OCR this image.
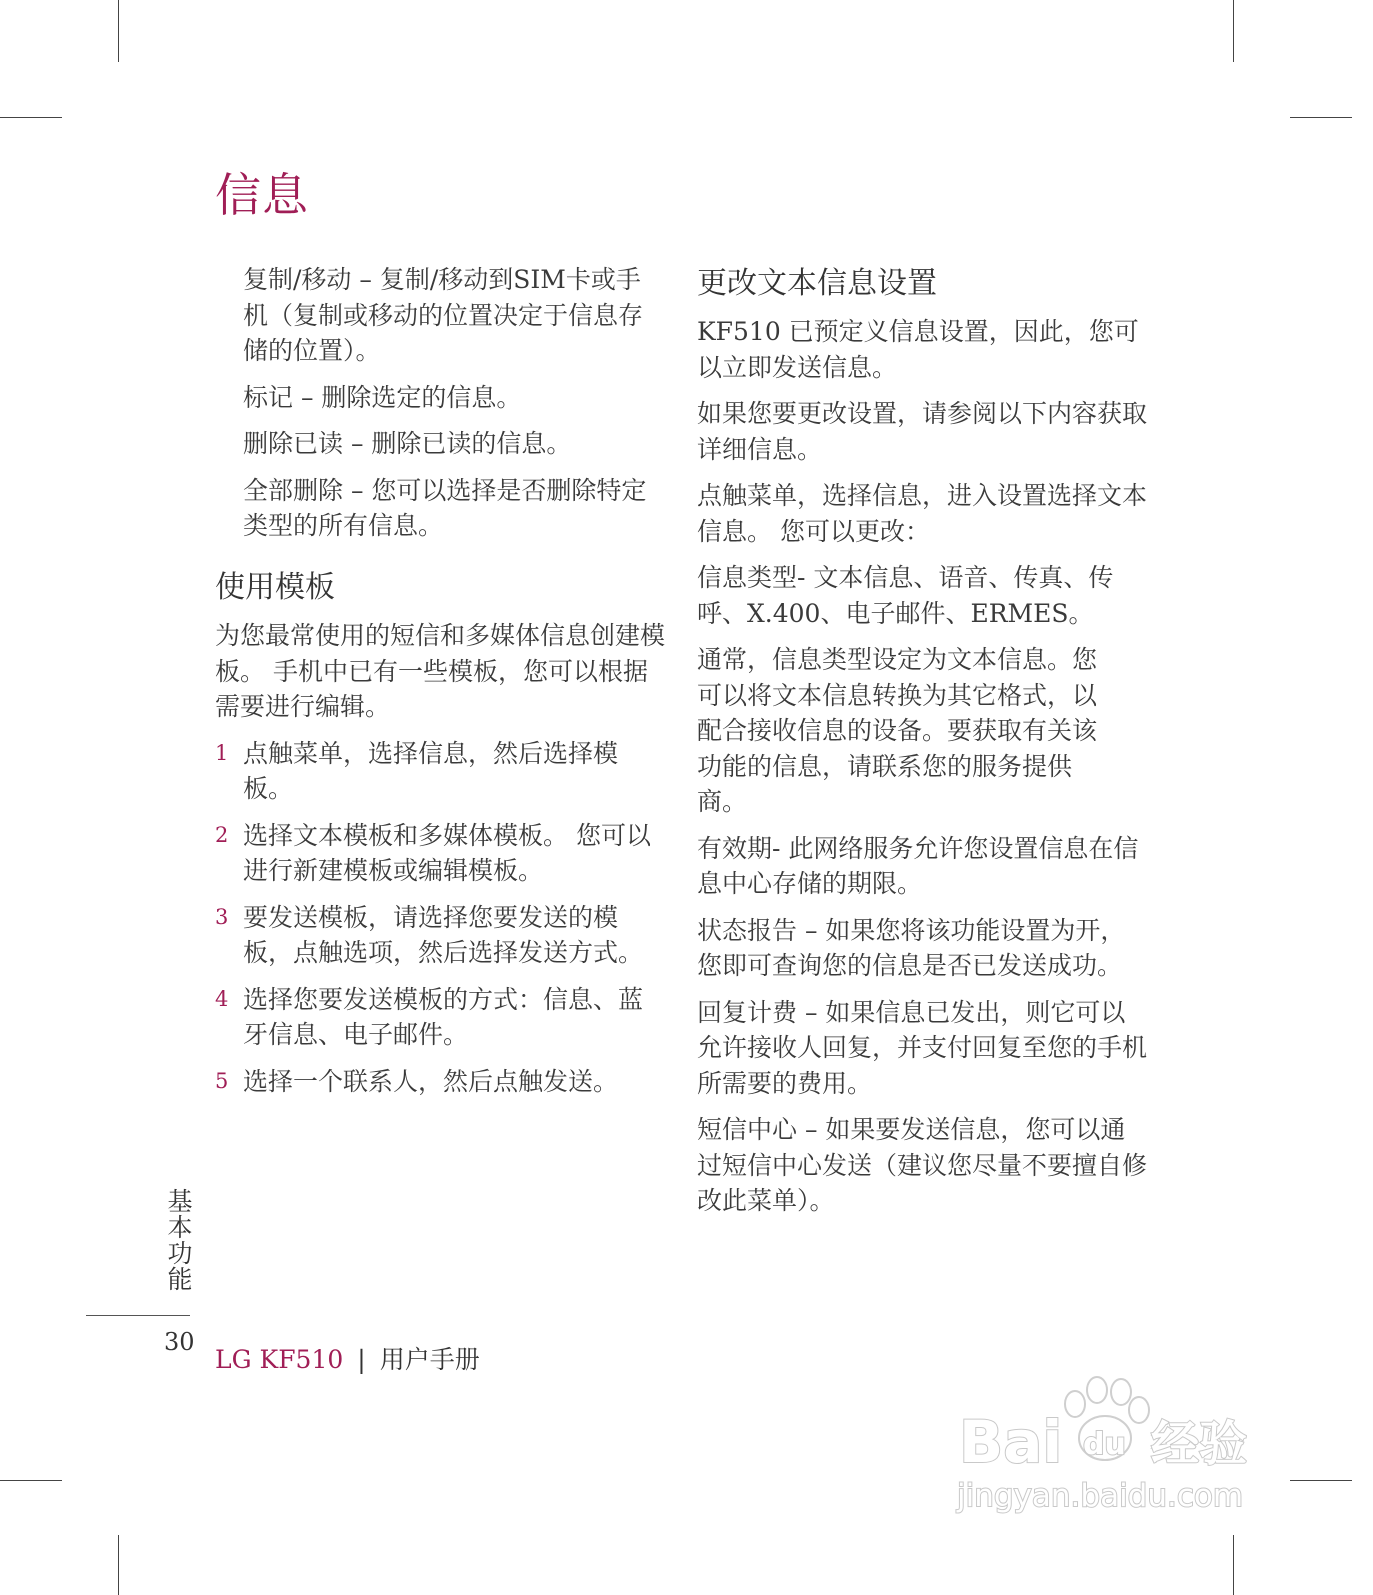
信息

复制/移动 – 复制/移动到SIM卡或手机（复制或移动的位置决定于信息存储的位置）。

标记 – 删除选定的信息。

删除已读 – 删除已读的信息。

全部删除 – 您可以选择是否删除特定类型的所有信息。

使用模板

为您最常使用的短信和多媒体信息创建模板。 手机中已有一些模板，您可以根据需要进行编辑。

1 点触菜单，选择信息，然后选择模板。
2 选择文本模板和多媒体模板。 您可以进行新建模板或编辑模板。
3 要发送模板，请选择您要发送的模板，点触选项，然后选择发送方式。
4 选择您要发送模板的方式：信息、蓝牙信息、电子邮件。
5 选择一个联系人，然后点触发送。
更改文本信息设置

KF510 已预定义信息设置，因此，您可以立即发送信息。

如果您要更改设置，请参阅以下内容获取详细信息。

点触菜单，选择信息，进入设置选择文本信息。 您可以更改：

信息类型- 文本信息、语音、传真、传呼、X.400、电子邮件、ERMES。

通常，信息类型设定为文本信息。您可以将文本信息转换为其它格式，以配合接收信息的设备。要获取有关该功能的信息，请联系您的服务提供商。

有效期- 此网络服务允许您设置信息在信息中心存储的期限。

状态报告 – 如果您将该功能设置为开，您即可查询您的信息是否已发送成功。

回复计费 – 如果信息已发出，则它可以允许接收人回复，并支付回复至您的手机所需要的费用。

短信中心 – 如果要发送信息，您可以通过短信中心发送（建议您尽量不要擅自修改此菜单）。

基本功能
30
LG KF510 | 用户手册
Bai du 经验
jingyan.baidu.com
